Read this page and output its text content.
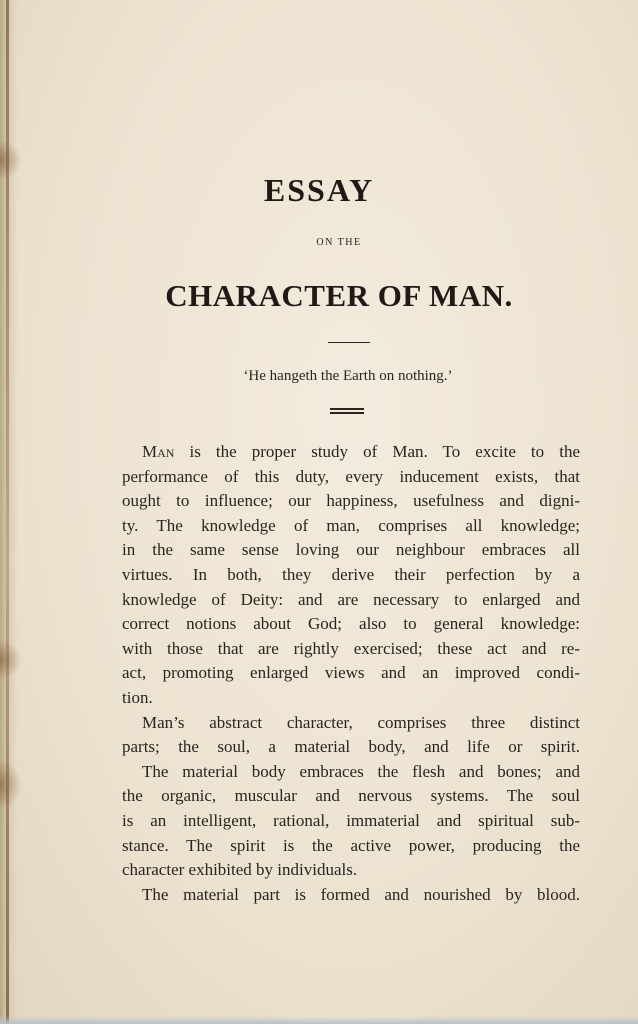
ESSAY
ON THE
CHARACTER OF MAN.
‘He hangeth the Earth on nothing.’
Man is the proper study of Man. To excite to the
performance of this duty, every inducement exists, that
ought to influence; our happiness, usefulness and digni-
ty. The knowledge of man, comprises all knowledge;
in the same sense loving our neighbour embraces all
virtues. In both, they derive their perfection by a
knowledge of Deity: and are necessary to enlarged and
correct notions about God; also to general knowledge:
with those that are rightly exercised; these act and re-
act, promoting enlarged views and an improved condi-
tion.
Man’s abstract character, comprises three distinct
parts; the soul, a material body, and life or spirit.
The material body embraces the flesh and bones; and
the organic, muscular and nervous systems. The soul
is an intelligent, rational, immaterial and spiritual sub-
stance. The spirit is the active power, producing the
character exhibited by individuals.
The material part is formed and nourished by blood.
